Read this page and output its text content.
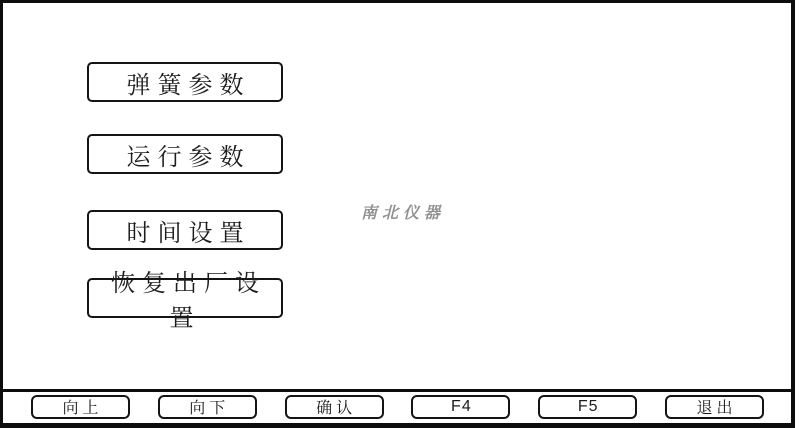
弹簧参数
运行参数
时间设置
恢复出厂设置
南北仪器
向上	向下	确认	F4	F5	退出
